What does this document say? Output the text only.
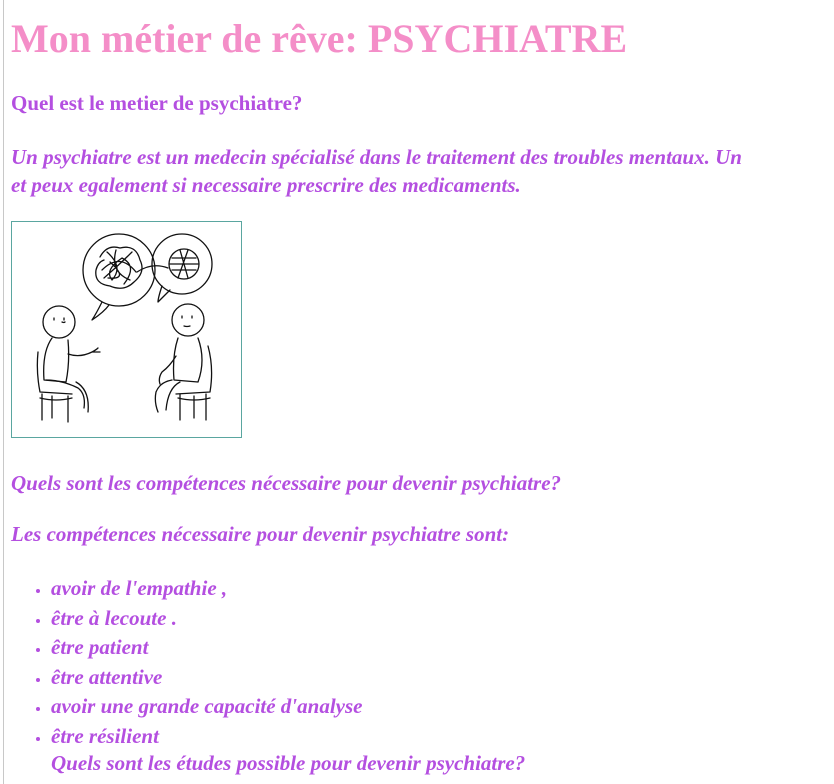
Mon métier de rêve: PSYCHIATRE

Quel est le metier de psychiatre?

Un psychiatre est un medecin spécialisé dans le traitement des troubles mentaux. Un
et peux egalement si necessaire prescrire des medicaments.

Quels sont les compétences nécessaire pour devenir psychiatre?

Les compétences nécessaire pour devenir psychiatre sont:

• avoir de l'empathie ,
• être à lecoute .
• être patient
• être attentive
• avoir une grande capacité d'analyse
• être résilient

Quels sont les études possible pour devenir psychiatre?
